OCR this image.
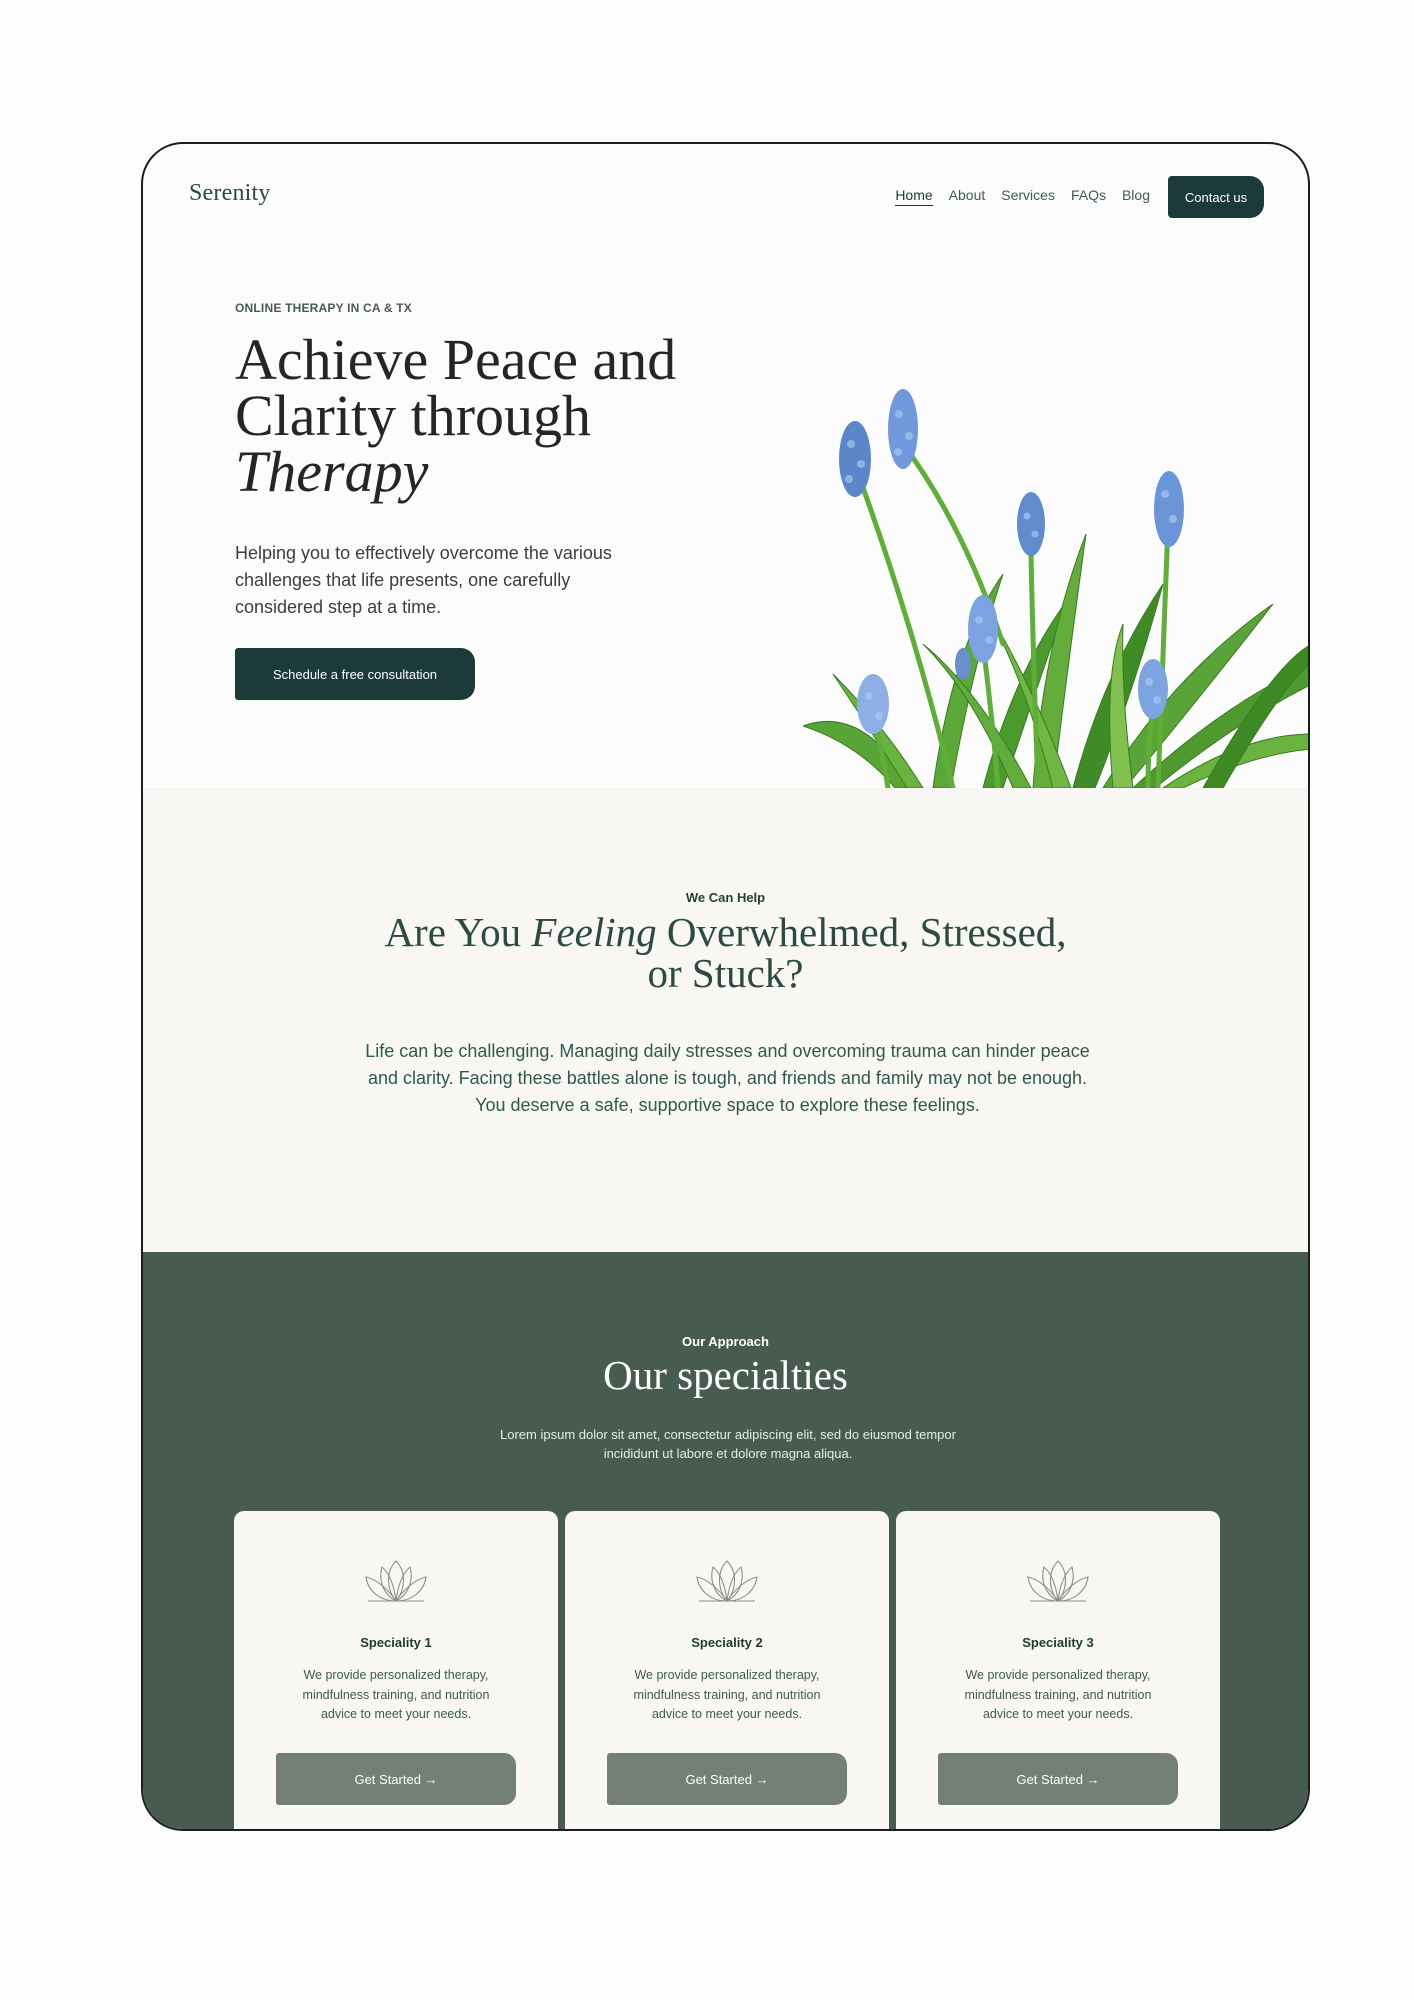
Serenity	Home About Services FAQs Blog	Contact us
ONLINE THERAPY IN CA & TX
Achieve Peace and
Clarity through
Therapy

Helping you to effectively overcome the various challenges that life presents, one carefully considered step at a time.

Schedule a free consultation
We Can Help
Are You Feeling Overwhelmed, Stressed,
or Stuck?

Life can be challenging. Managing daily stresses and overcoming trauma can hinder peace and clarity. Facing these battles alone is tough, and friends and family may not be enough. You deserve a safe, supportive space to explore these feelings.

Our Approach
Our specialties

Lorem ipsum dolor sit amet, consectetur adipiscing elit, sed do eiusmod tempor incididunt ut labore et dolore magna aliqua.

Speciality 1

We provide personalized therapy, mindfulness training, and nutrition advice to meet your needs.

Get Started →
Speciality 2

We provide personalized therapy, mindfulness training, and nutrition advice to meet your needs.

Get Started →
Speciality 3

We provide personalized therapy, mindfulness training, and nutrition advice to meet your needs.

Get Started →
